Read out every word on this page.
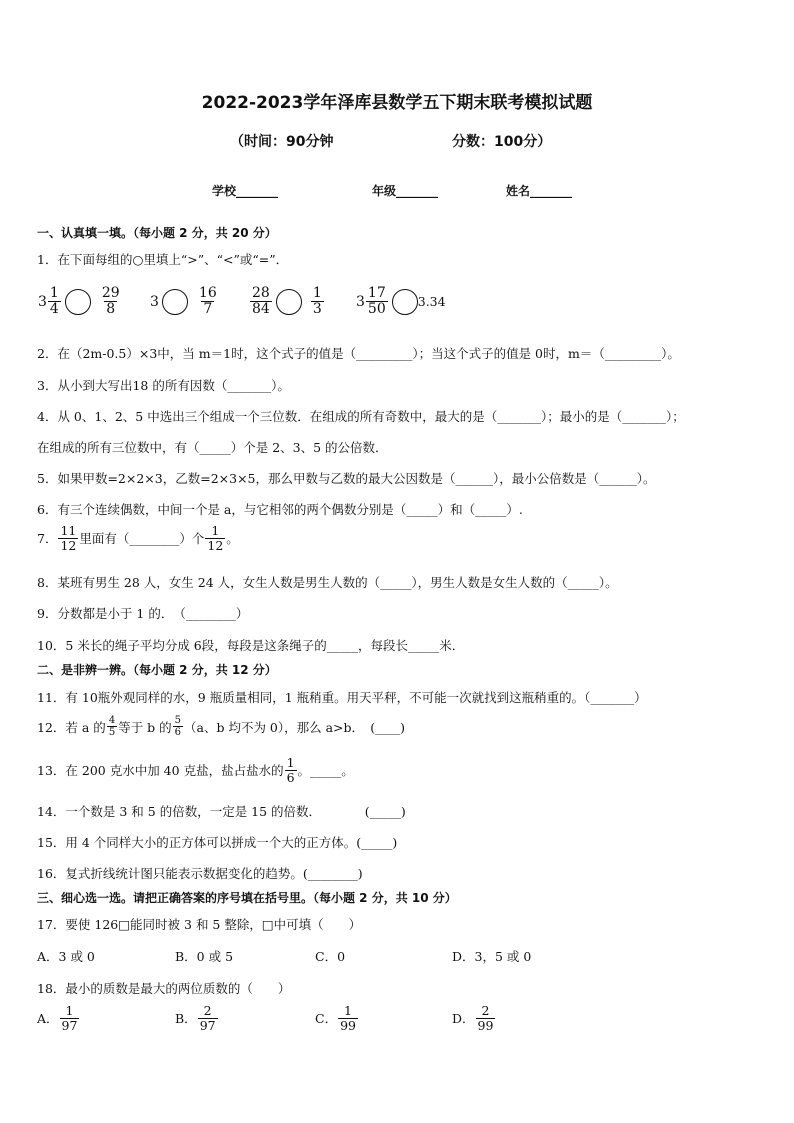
2022-2023学年泽库县数学五下期末联考模拟试题
（时间：90分钟	分数：100分）
学校_______	年级_______	姓名_______
一、认真填一填。（每小题 2 分，共 20 分）
1．在下面每组的○里填上“>”、“<”或“=”．
$3 \frac{1}{4}$	$\frac{29}{8} 3$	$\frac{16}{7} \frac{28}{84}$	$\frac{1}{3} 3 \frac{17}{50} 3.34$
2．在（2m-0.5）×3中，当 m＝1时，这个式子的值是（_________）；当这个式子的值是 0时，m＝（_________）。
3．从小到大写出18 的所有因数（_______）。
4．从 0、1、2、5 中选出三个组成一个三位数．在组成的所有奇数中，最大的是（_______）；最小的是（_______）；
在组成的所有三位数中，有（_____）个是 2、3、5 的公倍数．
5．如果甲数=2×2×3，乙数=2×3×5，那么甲数与乙数的最大公因数是（______），最小公倍数是（______）。
6．有三个连续偶数，中间一个是 a，与它相邻的两个偶数分别是（_____）和（_____）.
7． $\frac{11}{12}$ 里面有（________）个 $\frac{1}{12}$ 。
8．某班有男生 28 人，女生 24 人，女生人数是男生人数的（_____），男生人数是女生人数的（_____）。
9．分数都是小于 1 的．　（________）
10．5 米长的绳子平均分成 6段，每段是这条绳子的_____，每段长_____米．
二、是非辨一辨。（每小题 2 分，共 12 分）
11．有 10瓶外观同样的水，9 瓶质量相同，1 瓶稍重。用天平秤，不可能一次就找到这瓶稍重的。（_______）
12．若 a 的 $\frac{4}{5}$ 等于 b 的 $\frac{5}{6} (a$、b 均不为 0），那么 a>b．　(____)
13．在 200 克水中加 40 克盐，盐占盐水的 $\frac{1}{6}$ 。_____。
14．一个数是 3 和 5 的倍数，一定是 15 的倍数．　　　　(_____)
15．用 4 个同样大小的正方体可以拼成一个大的正方体。(_____)
16．复式折线统计图只能表示数据变化的趋势。(________)
三、细心选一选。请把正确答案的序号填在括号里。（每小题 2 分，共 10 分）
17．要使 126□能同时被 3 和 5 整除，□中可填（　　）
A．3 或 0	B．0 或 5	C．0	D．3，5 或 0
18．最小的质数是最大的两位质数的（　　）
A． $\frac{1}{97}$	B． $\frac{2}{97}$	C． $\frac{1}{99}$	D． $\frac{2}{99}$
